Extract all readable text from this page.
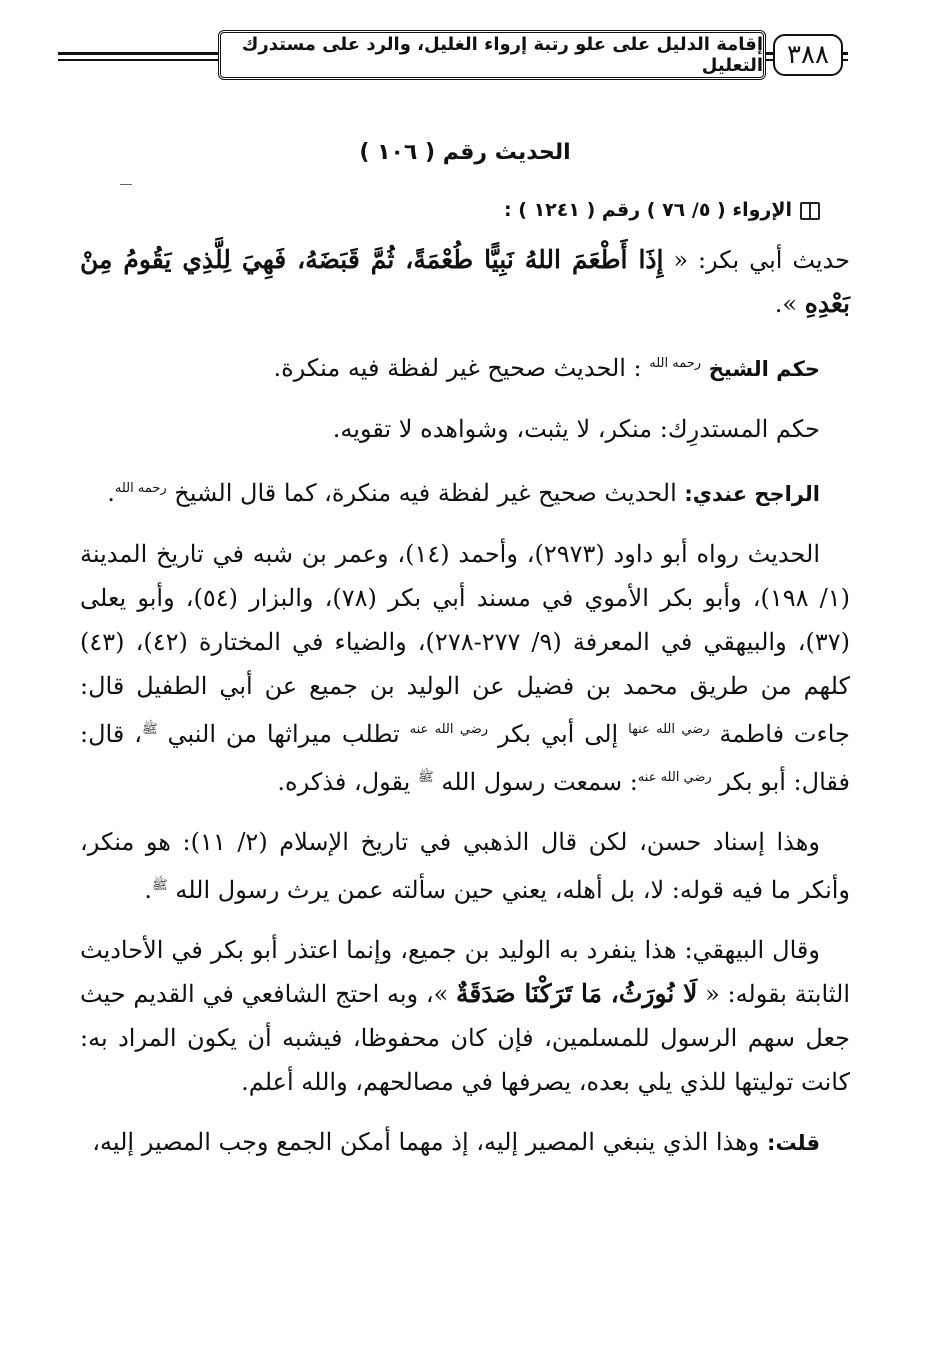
إقامة الدليل على علو رتبة إرواء الغليل، والرد على مستدرك التعليل ٣٨٨
الحديث رقم ( ١٠٦ )

الإرواء ( ٥/ ٧٦ ) رقم ( ١٢٤١ ) :

حديث أبي بكر: « إِذَا أَطْعَمَ اللهُ نَبِيًّا طُعْمَةً، ثُمَّ قَبَضَهُ، فَهِيَ لِلَّذِي يَقُومُ مِنْ بَعْدِهِ ».

حكم الشيخ $^{رحمه الله}$ : الحديث صحيح غير لفظة فيه منكرة.

حكم المستدرِك: منكر، لا يثبت، وشواهده لا تقويه.

الراجح عندي: الحديث صحيح غير لفظة فيه منكرة، كما قال الشيخ $^{رحمه الله}$.

الحديث رواه أبو داود (٢٩٧٣)، وأحمد (١٤)، وعمر بن شبه في تاريخ المدينة (١/ ١٩٨)، وأبو بكر الأموي في مسند أبي بكر (٧٨)، والبزار (٥٤)، وأبو يعلى (٣٧)، والبيهقي في المعرفة (٩/ ٢٧٧-٢٧٨)، والضياء في المختارة (٤٢)، (٤٣) كلهم من طريق محمد بن فضيل عن الوليد بن جميع عن أبي الطفيل قال: جاءت فاطمة $^{رضي الله عنها}$ إلى أبي بكر $^{رضي الله عنه}$ تطلب ميراثها من النبي $^ﷺ$، قال: فقال: أبو بكر $^{رضي الله عنه}$: سمعت رسول الله $^ﷺ$ يقول، فذكره.

وهذا إسناد حسن، لكن قال الذهبي في تاريخ الإسلام (٢/ ١١): هو منكر، وأنكر ما فيه قوله: لا، بل أهله، يعني حين سألته عمن يرث رسول الله $^ﷺ$.

وقال البيهقي: هذا ينفرد به الوليد بن جميع، وإنما اعتذر أبو بكر في الأحاديث الثابتة بقوله: « لَا نُورَثُ، مَا تَرَكْنَا صَدَقَةٌ »، وبه احتج الشافعي في القديم حيث جعل سهم الرسول للمسلمين، فإن كان محفوظا، فيشبه أن يكون المراد به: كانت توليتها للذي يلي بعده، يصرفها في مصالحهم، والله أعلم.

قلت: وهذا الذي ينبغي المصير إليه، إذ مهما أمكن الجمع وجب المصير إليه،
